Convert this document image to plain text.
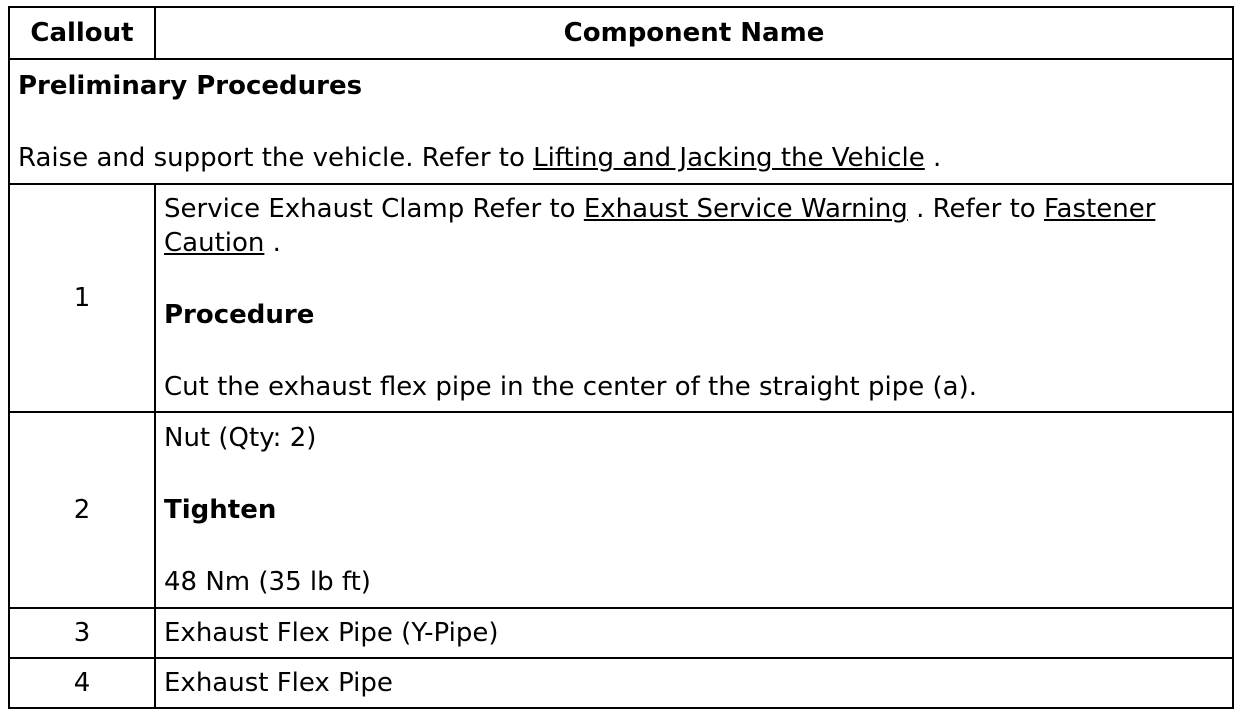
Callout	Component Name

Preliminary Procedures
Raise and support the vehicle. Refer to Lifting and Jacking the Vehicle .	

1	Service Exhaust Clamp Refer to Exhaust Service Warning . Refer to Fastener Caution .
Procedure
Cut the exhaust flex pipe in the center of the straight pipe (a).

2	Nut (Qty: 2)
Tighten
48 Nm (35 lb ft)

3	Exhaust Flex Pipe (Y-Pipe)
4	Exhaust Flex Pipe
